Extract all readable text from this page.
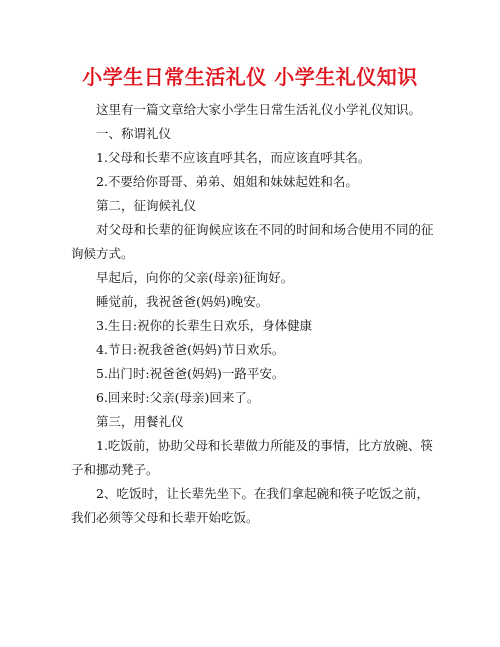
小学生日常生活礼仪 小学生礼仪知识

这里有一篇文章给大家小学生日常生活礼仪小学礼仪知识。

一、称谓礼仪

1.父母和长辈不应该直呼其名，而应该直呼其名。

2.不要给你哥哥、弟弟、姐姐和妹妹起姓和名。

第二，征询候礼仪

对父母和长辈的征询候应该在不同的时间和场合使用不同的征询候方式。

早起后，向你的父亲(母亲)征询好。

睡觉前，我祝爸爸(妈妈)晚安。

3.生日:祝你的长辈生日欢乐，身体健康

4.节日:祝我爸爸(妈妈)节日欢乐。

5.出门时:祝爸爸(妈妈)一路平安。

6.回来时:父亲(母亲)回来了。

第三，用餐礼仪

1.吃饭前，协助父母和长辈做力所能及的事情，比方放碗、筷子和挪动凳子。

2、吃饭时，让长辈先坐下。在我们拿起碗和筷子吃饭之前，我们必须等父母和长辈开始吃饭。
